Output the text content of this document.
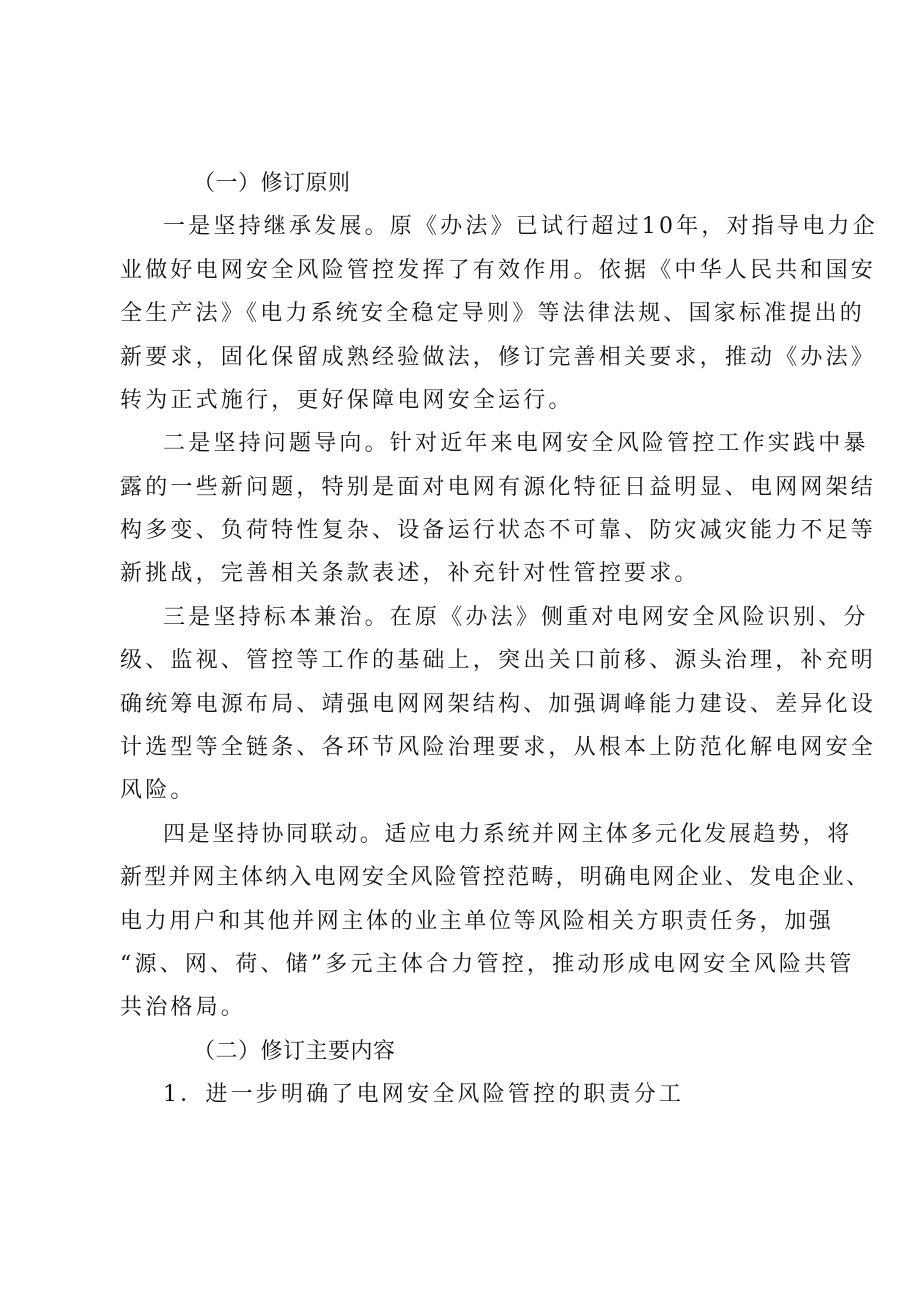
（一）修订原则

一是坚持继承发展。原《办法》已试行超过10年，对指导电力企

业做好电网安全风险管控发挥了有效作用。依据《中华人民共和国安

全生产法》《电力系统安全稳定导则》等法律法规、国家标准提出的

新要求，固化保留成熟经验做法，修订完善相关要求，推动《办法》

转为正式施行，更好保障电网安全运行。

二是坚持问题导向。针对近年来电网安全风险管控工作实践中暴

露的一些新问题，特别是面对电网有源化特征日益明显、电网网架结

构多变、负荷特性复杂、设备运行状态不可靠、防灾减灾能力不足等

新挑战，完善相关条款表述，补充针对性管控要求。

三是坚持标本兼治。在原《办法》侧重对电网安全风险识别、分

级、监视、管控等工作的基础上，突出关口前移、源头治理，补充明

确统筹电源布局、靖强电网网架结构、加强调峰能力建设、差异化设

计选型等全链条、各环节风险治理要求，从根本上防范化解电网安全

风险。

四是坚持协同联动。适应电力系统并网主体多元化发展趋势，将

新型并网主体纳入电网安全风险管控范畴，明确电网企业、发电企业、

电力用户和其他并网主体的业主单位等风险相关方职责任务，加强

“源、网、荷、储”多元主体合力管控，推动形成电网安全风险共管

共治格局。

（二）修订主要内容

1．进一步明确了电网安全风险管控的职责分工
